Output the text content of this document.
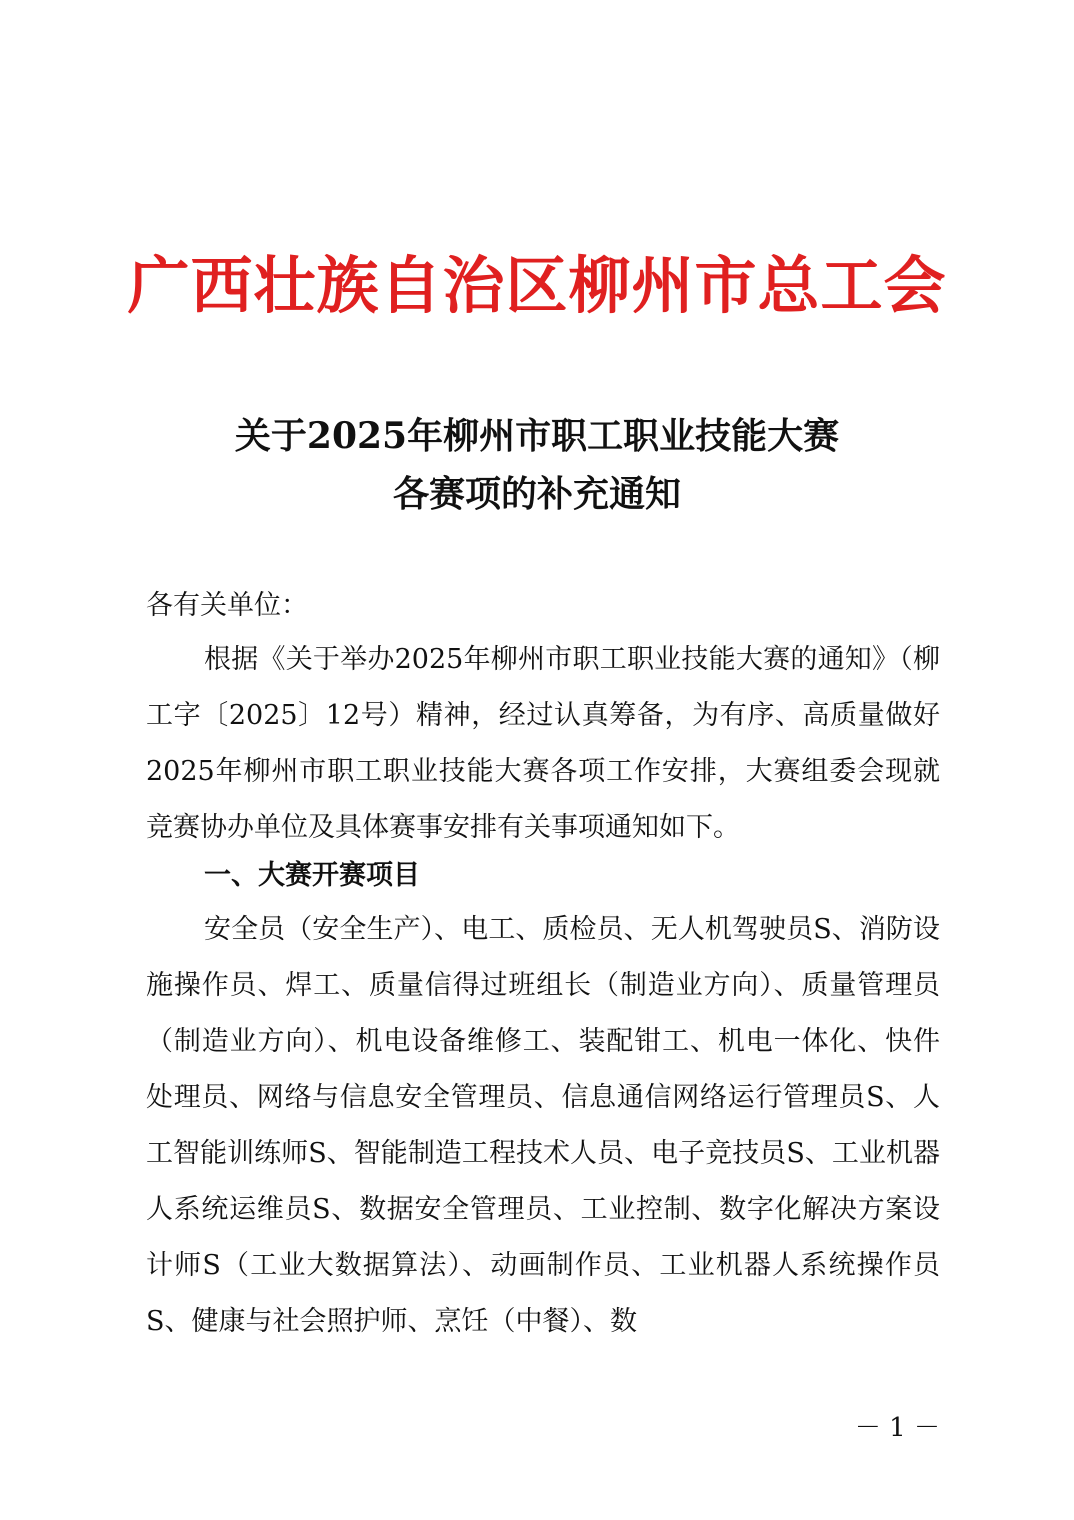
广西壮族自治区柳州市总工会
关于2025年柳州市职工职业技能大赛
各赛项的补充通知
各有关单位：
根据《关于举办2025年柳州市职工职业技能大赛的通知》（柳工字〔2025〕12号）精神，经过认真筹备，为有序、高质量做好2025年柳州市职工职业技能大赛各项工作安排，大赛组委会现就竞赛协办单位及具体赛事安排有关事项通知如下。
一、大赛开赛项目
安全员（安全生产）、电工、质检员、无人机驾驶员S、消防设施操作员、焊工、质量信得过班组长（制造业方向）、质量管理员（制造业方向）、机电设备维修工、装配钳工、机电一体化、快件处理员、网络与信息安全管理员、信息通信网络运行管理员S、人工智能训练师S、智能制造工程技术人员、电子竞技员S、工业机器人系统运维员S、数据安全管理员、工业控制、数字化解决方案设计师S（工业大数据算法）、动画制作员、工业机器人系统操作员S、健康与社会照护师、烹饪（中餐）、数
－ 1 －
